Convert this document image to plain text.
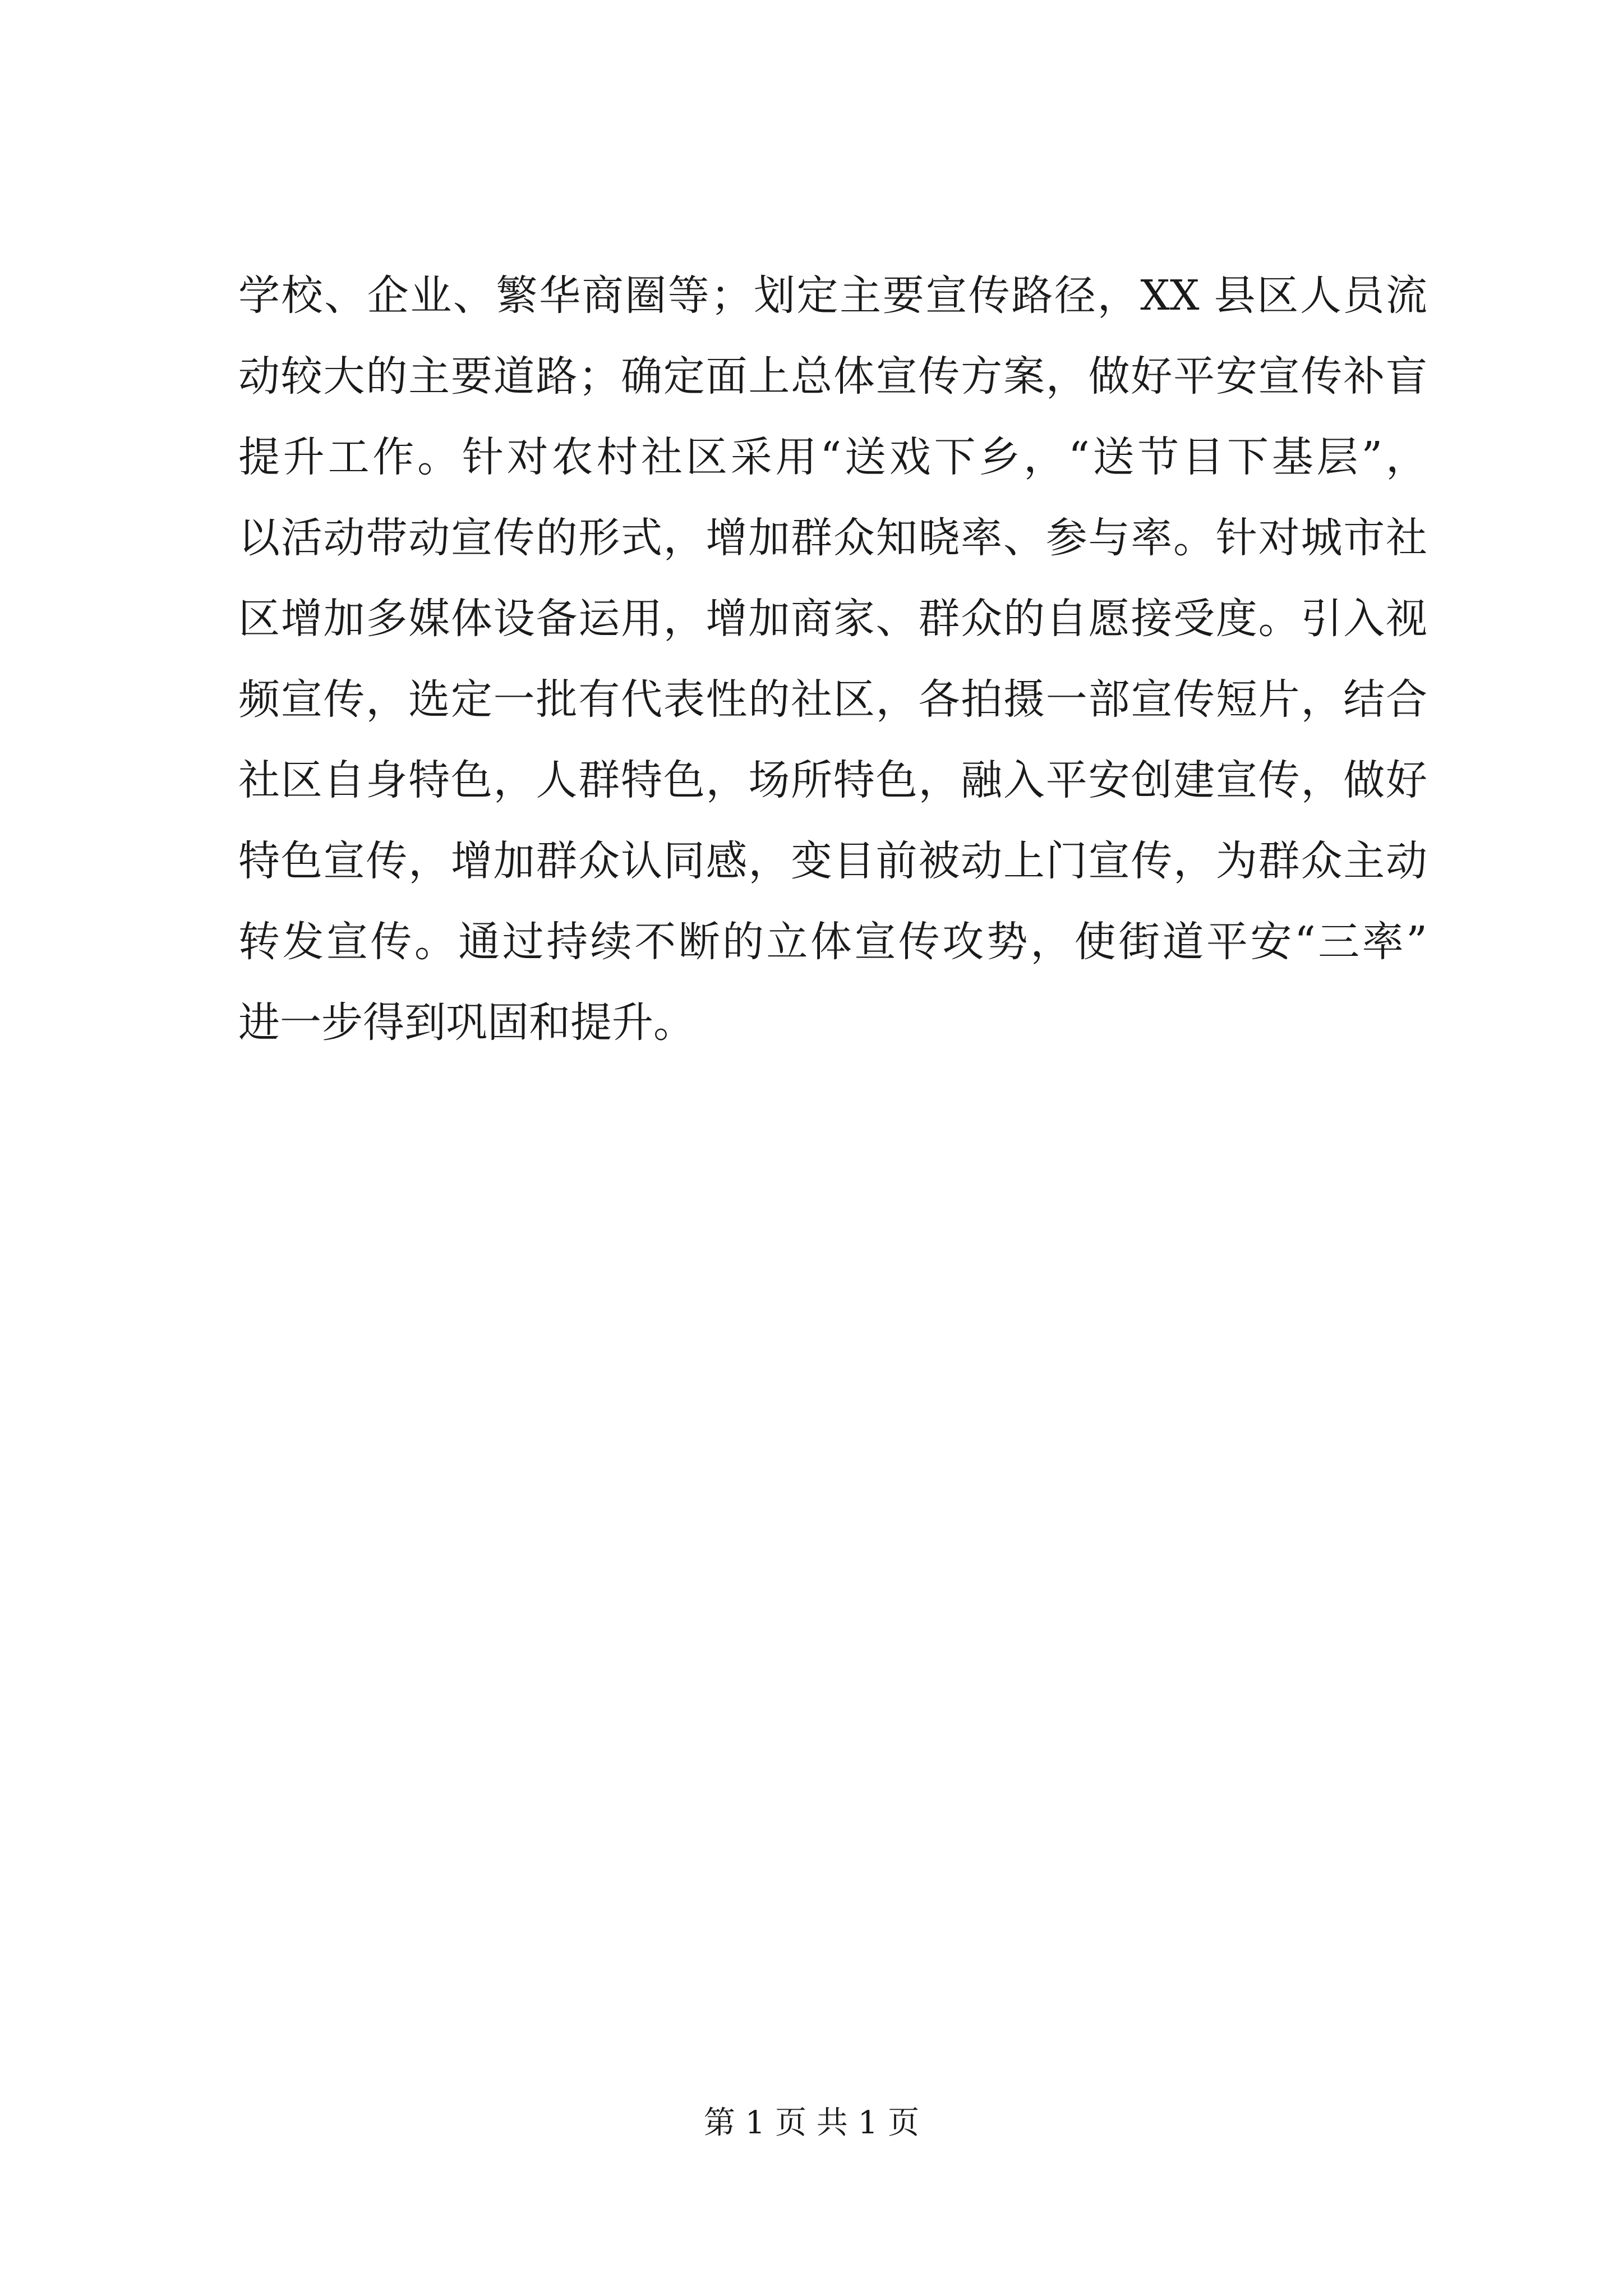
学校、企业、繁华商圈等；划定主要宣传路径，XX 县区人员流
动较大的主要道路；确定面上总体宣传方案，做好平安宣传补盲
提升工作。针对农村社区采用“送戏下乡，“送节目下基层”，
以活动带动宣传的形式，增加群众知晓率、参与率。针对城市社
区增加多媒体设备运用，增加商家、群众的自愿接受度。引入视
频宣传，选定一批有代表性的社区，各拍摄一部宣传短片，结合
社区自身特色，人群特色，场所特色，融入平安创建宣传，做好
特色宣传，增加群众认同感，变目前被动上门宣传，为群众主动
转发宣传。通过持续不断的立体宣传攻势，使街道平安“三率”
进一步得到巩固和提升。
第 1 页 共 1 页
